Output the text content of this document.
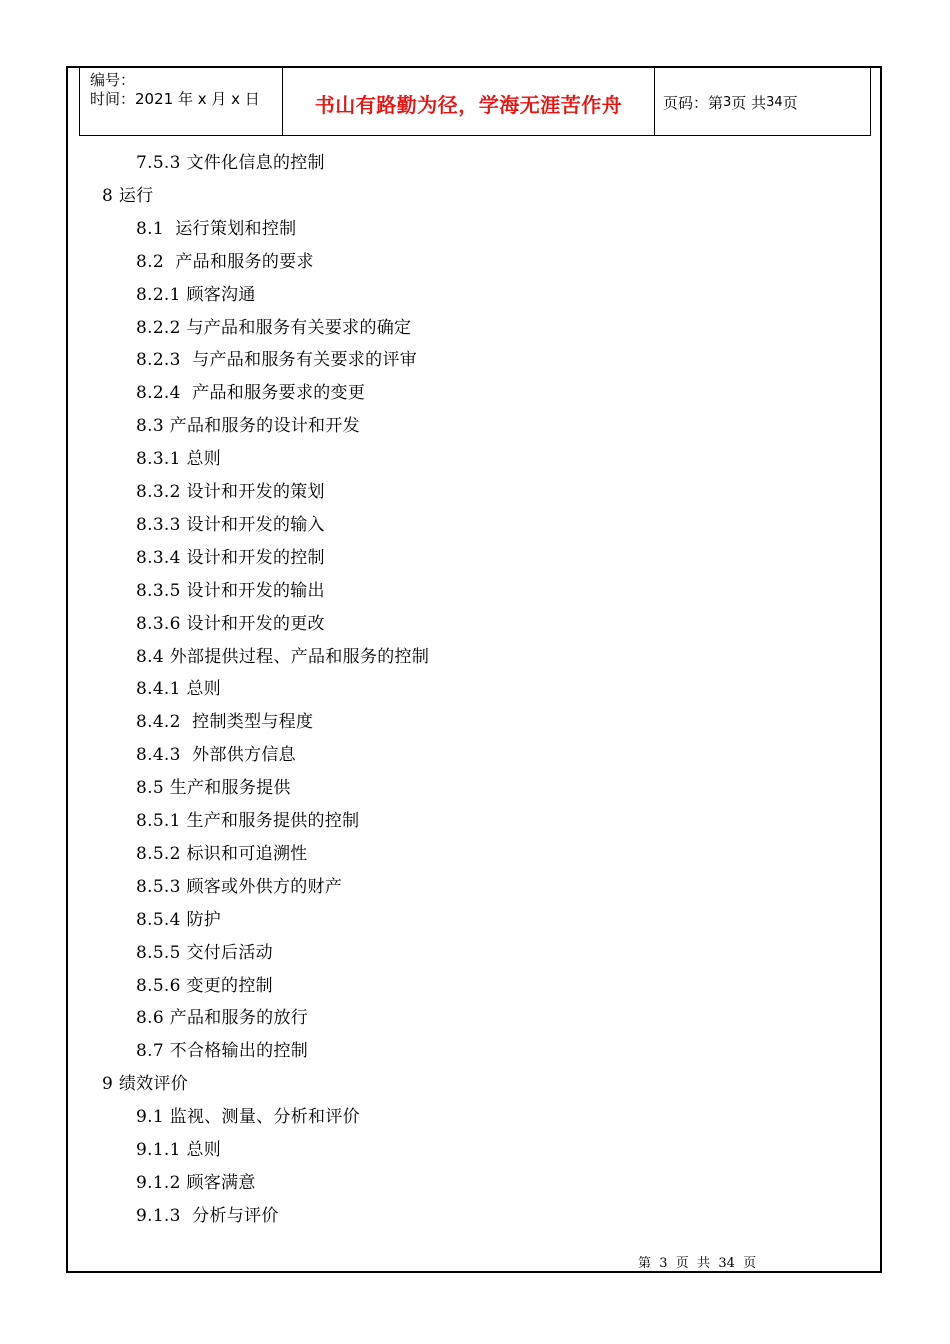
编号：
时间：2021 年 x 月 x 日	书山有路勤为径，学海无涯苦作舟	页码：第 3 页 共 34 页
7.5.3 文件化信息的控制
8 运行
8.1  运行策划和控制
8.2  产品和服务的要求
8.2.1 顾客沟通
8.2.2 与产品和服务有关要求的确定
8.2.3  与产品和服务有关要求的评审
8.2.4  产品和服务要求的变更
8.3 产品和服务的设计和开发
8.3.1 总则
8.3.2 设计和开发的策划
8.3.3 设计和开发的输入
8.3.4 设计和开发的控制
8.3.5 设计和开发的输出
8.3.6 设计和开发的更改
8.4 外部提供过程、产品和服务的控制
8.4.1 总则
8.4.2  控制类型与程度
8.4.3  外部供方信息
8.5 生产和服务提供
8.5.1 生产和服务提供的控制
8.5.2 标识和可追溯性
8.5.3 顾客或外供方的财产
8.5.4 防护
8.5.5 交付后活动
8.5.6 变更的控制
8.6 产品和服务的放行
8.7 不合格输出的控制
9 绩效评价
9.1 监视、测量、分析和评价
9.1.1 总则
9.1.2 顾客满意
9.1.3  分析与评价
第  3  页  共  34  页
